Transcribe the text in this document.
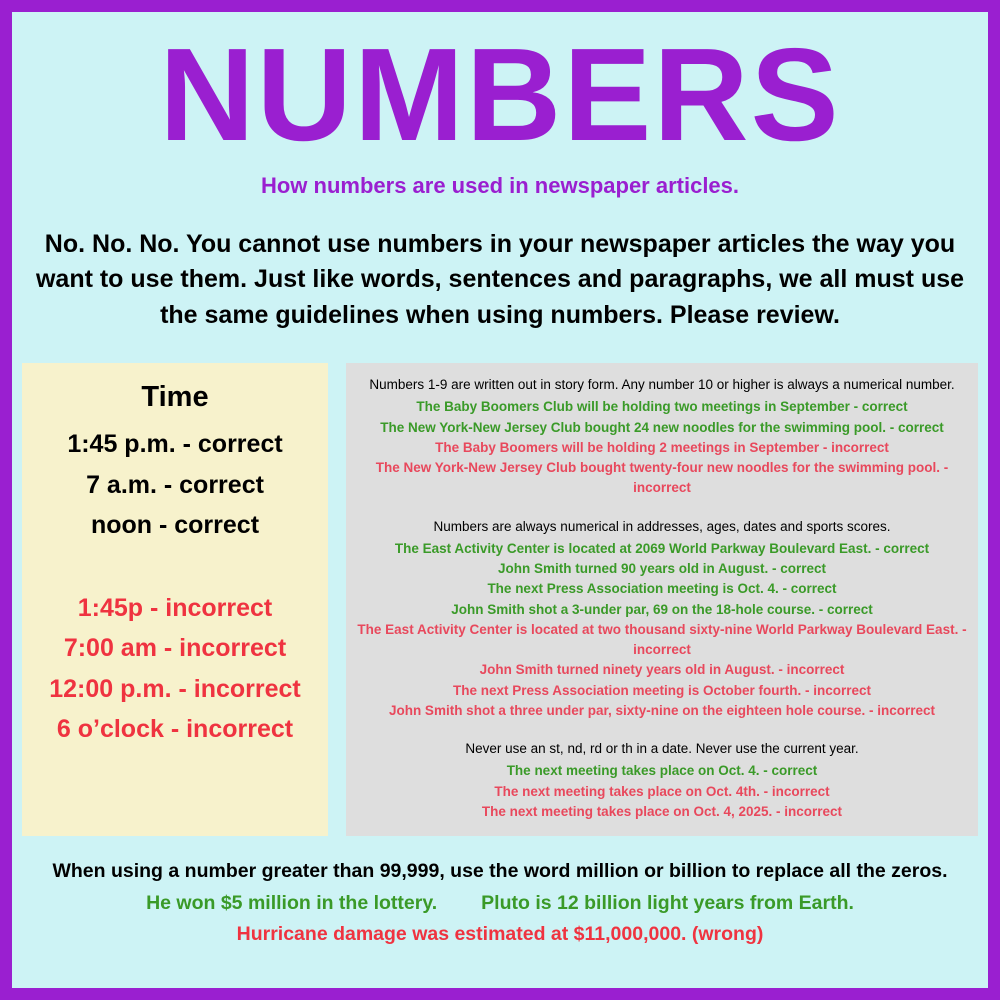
NUMBERS
How numbers are used in newspaper articles.
No. No. No. You cannot use numbers in your newspaper articles the way you want to use them. Just like words, sentences and paragraphs, we all must use the same guidelines when using numbers. Please review.
Time
1:45 p.m. - correct
7 a.m. - correct
noon - correct
1:45p - incorrect
7:00 am - incorrect
12:00 p.m. - incorrect
6 o’clock - incorrect
Numbers 1-9 are written out in story form. Any number 10 or higher is always a numerical number.
The Baby Boomers Club will be holding two meetings in September - correct
The New York-New Jersey Club bought 24 new noodles for the swimming pool. - correct
The Baby Boomers will be holding 2 meetings in September - incorrect
The New York-New Jersey Club bought twenty-four new noodles for the swimming pool. - incorrect
Numbers are always numerical in addresses, ages, dates and sports scores.
The East Activity Center is located at 2069 World Parkway Boulevard East. - correct
John Smith turned 90 years old in August. - correct
The next Press Association meeting is Oct. 4. - correct
John Smith shot a 3-under par, 69 on the 18-hole course. - correct
The East Activity Center is located at two thousand sixty-nine World Parkway Boulevard East. - incorrect
John Smith turned ninety years old in August. - incorrect
The next Press Association meeting is October fourth. - incorrect
John Smith shot a three under par, sixty-nine on the eighteen hole course. - incorrect
Never use an st, nd, rd or th in a date. Never use the current year.
The next meeting takes place on Oct. 4. - correct
The next meeting takes place on Oct. 4th. - incorrect
The next meeting takes place on Oct. 4, 2025. - incorrect
When using a number greater than 99,999, use the word million or billion to replace all the zeros.
He won $5 million in the lottery. Pluto is 12 billion light years from Earth.
Hurricane damage was estimated at $11,000,000. (wrong)
